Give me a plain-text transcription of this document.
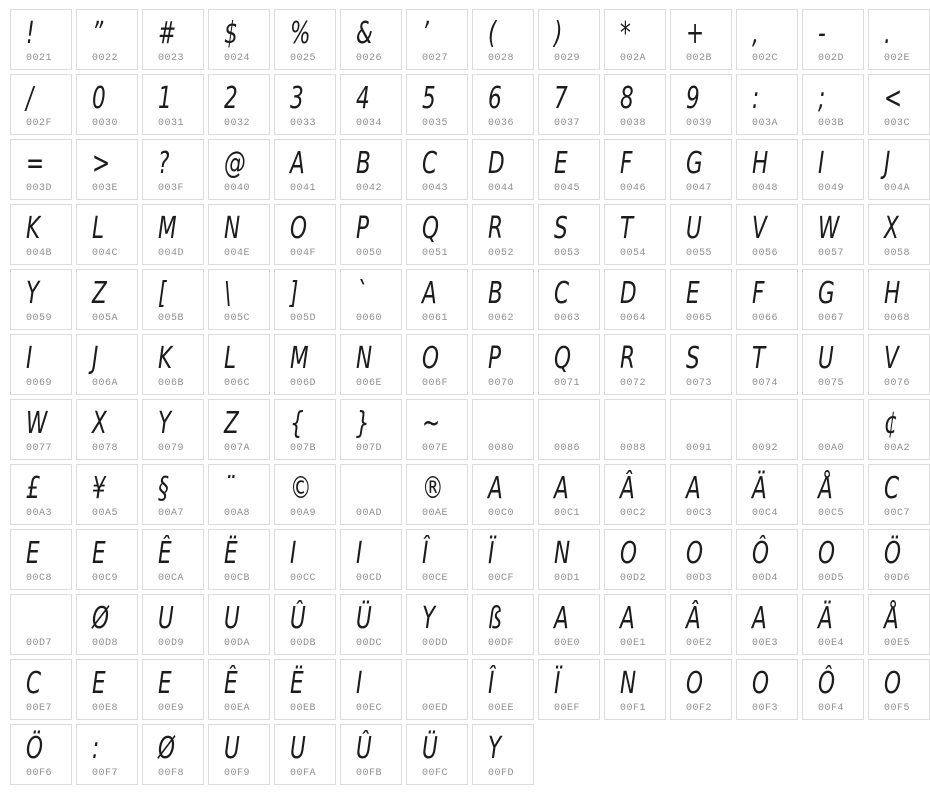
!
0021
”
0022
#
0023
$
0024
%
0025
&
0026
’
0027
(
0028
)
0029
*
002A
+
002B
,
002C
-
002D
.
002E
/
002F
0
0030
1
0031
2
0032
3
0033
4
0034
5
0035
6
0036
7
0037
8
0038
9
0039
:
003A
;
003B
<
003C
=
003D
>
003E
?
003F
@
0040
A
0041
B
0042
C
0043
D
0044
E
0045
F
0046
G
0047
H
0048
I
0049
J
004A
K
004B
L
004C
M
004D
N
004E
O
004F
P
0050
Q
0051
R
0052
S
0053
T
0054
U
0055
V
0056
W
0057
X
0058
Y
0059
Z
005A
[
005B
\
005C
]
005D
`
0060
A
0061
B
0062
C
0063
D
0064
E
0065
F
0066
G
0067
H
0068
I
0069
J
006A
K
006B
L
006C
M
006D
N
006E
O
006F
P
0070
Q
0071
R
0072
S
0073
T
0074
U
0075
V
0076
W
0077
X
0078
Y
0079
Z
007A
{
007B
}
007D
~
007E	0080	0086	0088	0091	0092	00A0
¢
00A2
£
00A3
¥
00A5
§
00A7
¨
00A8
©
00A9	00AD
®
00AE
A
00C0
A
00C1
Â
00C2
A
00C3
Ä
00C4
Å
00C5
C
00C7
E
00C8
E
00C9
Ê
00CA
Ë
00CB
I
00CC
I
00CD
Î
00CE
Ï
00CF
N
00D1
O
00D2
O
00D3
Ô
00D4
O
00D5
Ö
00D6
00D7
Ø
00D8
U
00D9
U
00DA
Û
00DB
Ü
00DC
Y
00DD
ß
00DF
A
00E0
A
00E1
Â
00E2
A
00E3
Ä
00E4
Å
00E5
C
00E7
E
00E8
E
00E9
Ê
00EA
Ë
00EB
I
00EC	00ED
Î
00EE
Ï
00EF
N
00F1
O
00F2
O
00F3
Ô
00F4
O
00F5
Ö
00F6
:
00F7
Ø
00F8
U
00F9
U
00FA
Û
00FB
Ü
00FC
Y
00FD
